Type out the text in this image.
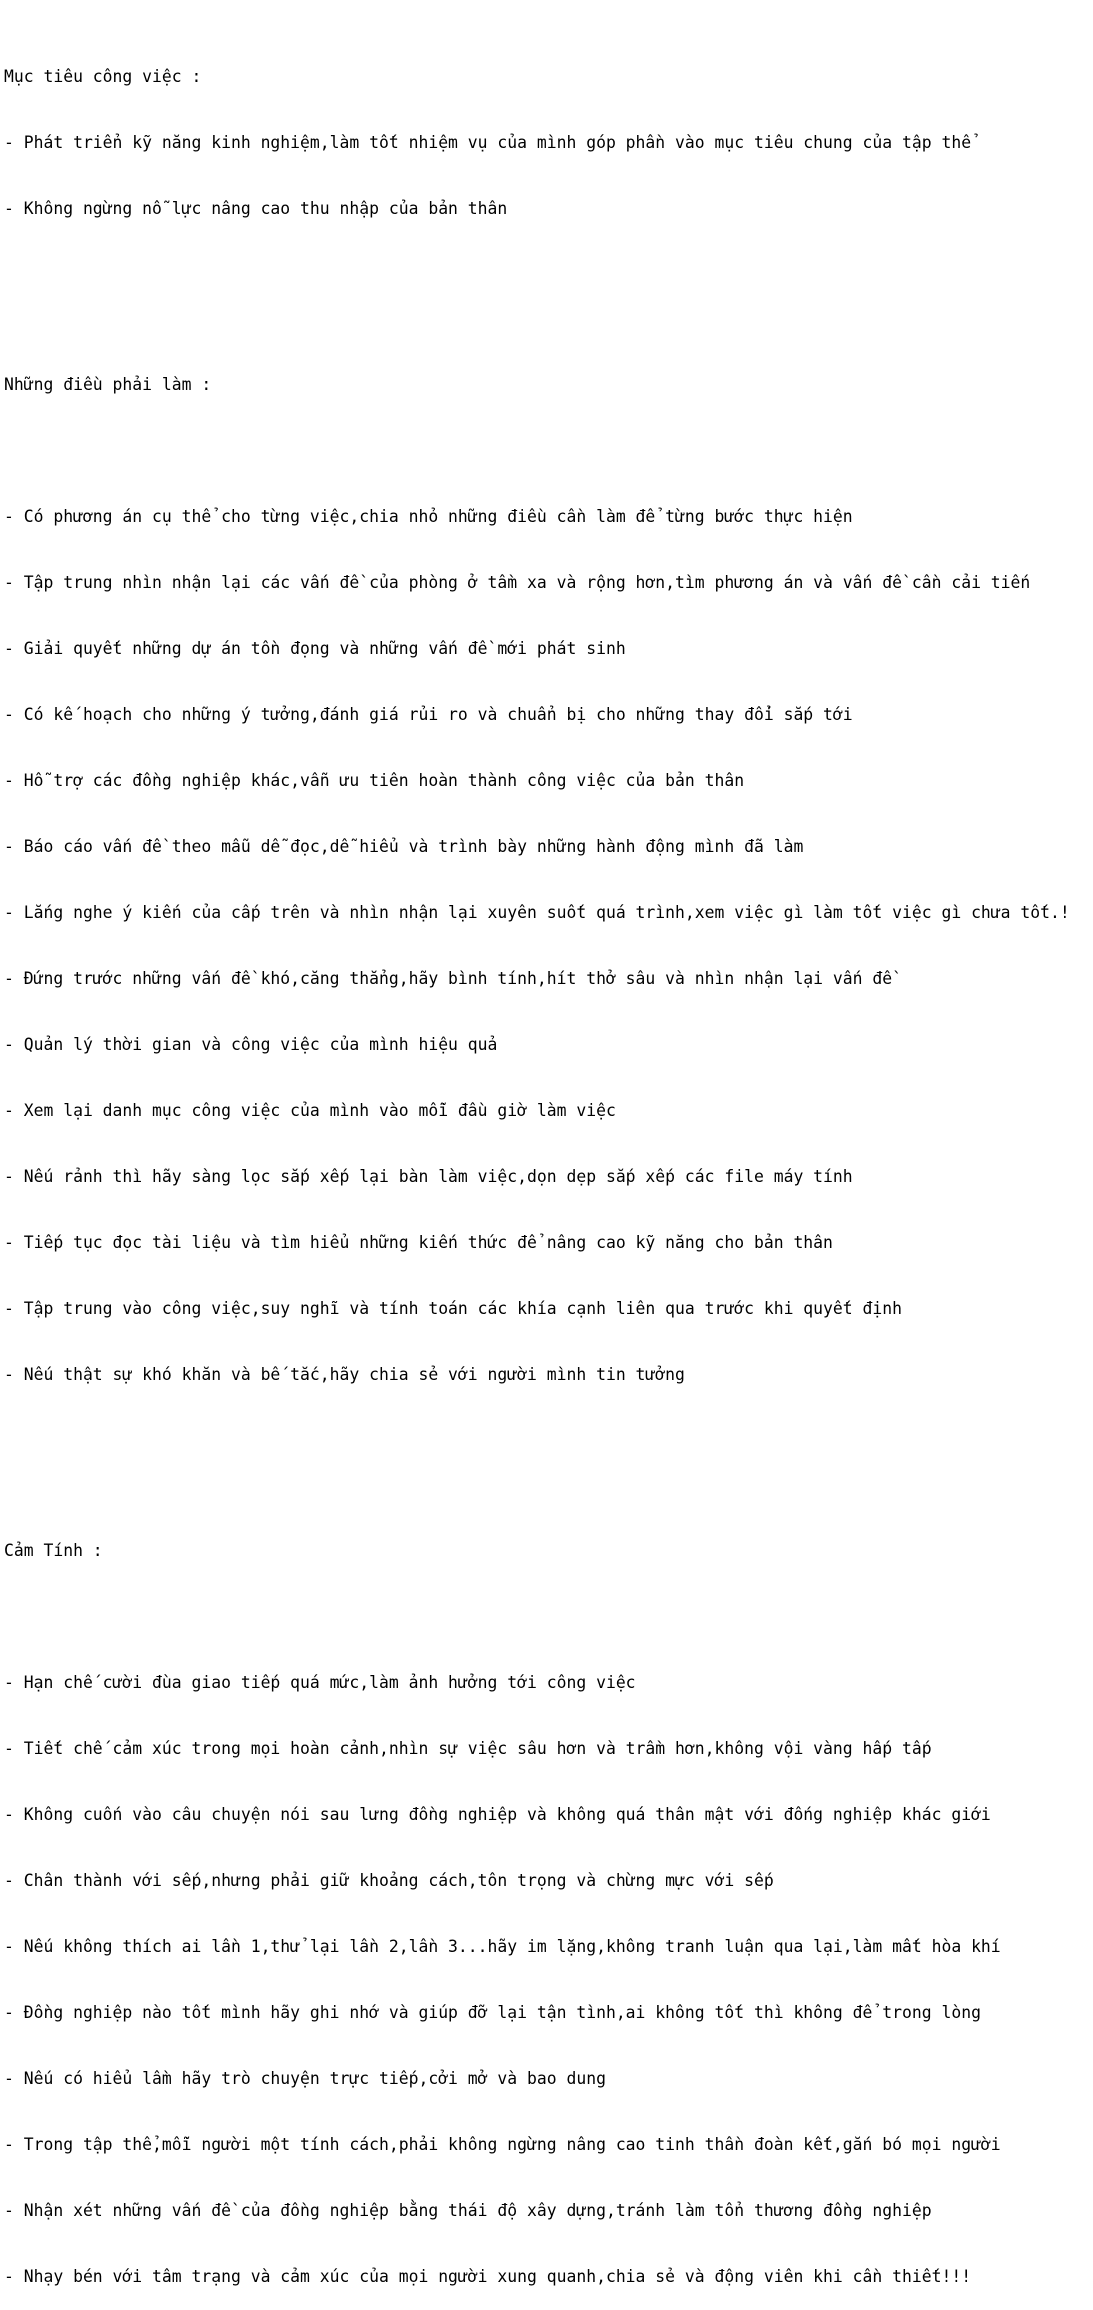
Mục tiêu công việc :

- Phát triển kỹ năng kinh nghiệm,làm tốt nhiệm vụ của mình góp phần vào mục tiêu chung của tập thể

- Không ngừng nỗ lực nâng cao thu nhập của bản thân

Những điều phải làm :

- Có phương án cụ thể cho từng việc,chia nhỏ những điều cần làm để từng bước thực hiện

- Tập trung nhìn nhận lại các vấn đề của phòng ở tầm xa và rộng hơn,tìm phương án và vấn đề cần cải tiến

- Giải quyết những dự án tồn đọng và những vấn đề mới phát sinh

- Có kế hoạch cho những ý tưởng,đánh giá rủi ro và chuẩn bị cho những thay đổi sắp tới

- Hỗ trợ các đồng nghiệp khác,vẫn ưu tiên hoàn thành công việc của bản thân

- Báo cáo vấn đề theo mẫu dễ đọc,dễ hiểu và trình bày những hành động mình đã làm

- Lắng nghe ý kiến của cấp trên và nhìn nhận lại xuyên suốt quá trình,xem việc gì làm tốt việc gì chưa tốt.!

- Đứng trước những vấn đề khó,căng thẳng,hãy bình tính,hít thở sâu và nhìn nhận lại vấn đề

- Quản lý thời gian và công việc của mình hiệu quả

- Xem lại danh mục công việc của mình vào mỗi đầu giờ làm việc

- Nếu rảnh thì hãy sàng lọc sắp xếp lại bàn làm việc,dọn dẹp sắp xếp các file máy tính

- Tiếp tục đọc tài liệu và tìm hiểu những kiến thức để nâng cao kỹ năng cho bản thân

- Tập trung vào công việc,suy nghĩ và tính toán các khía cạnh liên qua trước khi quyết định

- Nếu thật sự khó khăn và bế tắc,hãy chia sẻ với người mình tin tưởng

Cảm Tính :

- Hạn chế cười đùa giao tiếp quá mức,làm ảnh hưởng tới công việc

- Tiết chế cảm xúc trong mọi hoàn cảnh,nhìn sự việc sâu hơn và trầm hơn,không vội vàng hấp tấp

- Không cuốn vào câu chuyện nói sau lưng đồng nghiệp và không quá thân mật với đống nghiệp khác giới

- Chân thành với sếp,nhưng phải giữ khoảng cách,tôn trọng và chừng mực với sếp

- Nếu không thích ai lần 1,thử lại lần 2,lần 3...hãy im lặng,không tranh luận qua lại,làm mất hòa khí

- Đồng nghiệp nào tốt mình hãy ghi nhớ và giúp đỡ lại tận tình,ai không tốt thì không để trong lòng

- Nếu có hiểu lầm hãy trò chuyện trực tiếp,cởi mở và bao dung

- Trong tập thể,mỗi người một tính cách,phải không ngừng nâng cao tinh thần đoàn kết,gắn bó mọi người

- Nhận xét những vấn đề của đồng nghiệp bằng thái độ xây dựng,tránh làm tổn thương đồng nghiệp

- Nhạy bén với tâm trạng và cảm xúc của mọi người xung quanh,chia sẻ và động viên khi cần thiết!!!
